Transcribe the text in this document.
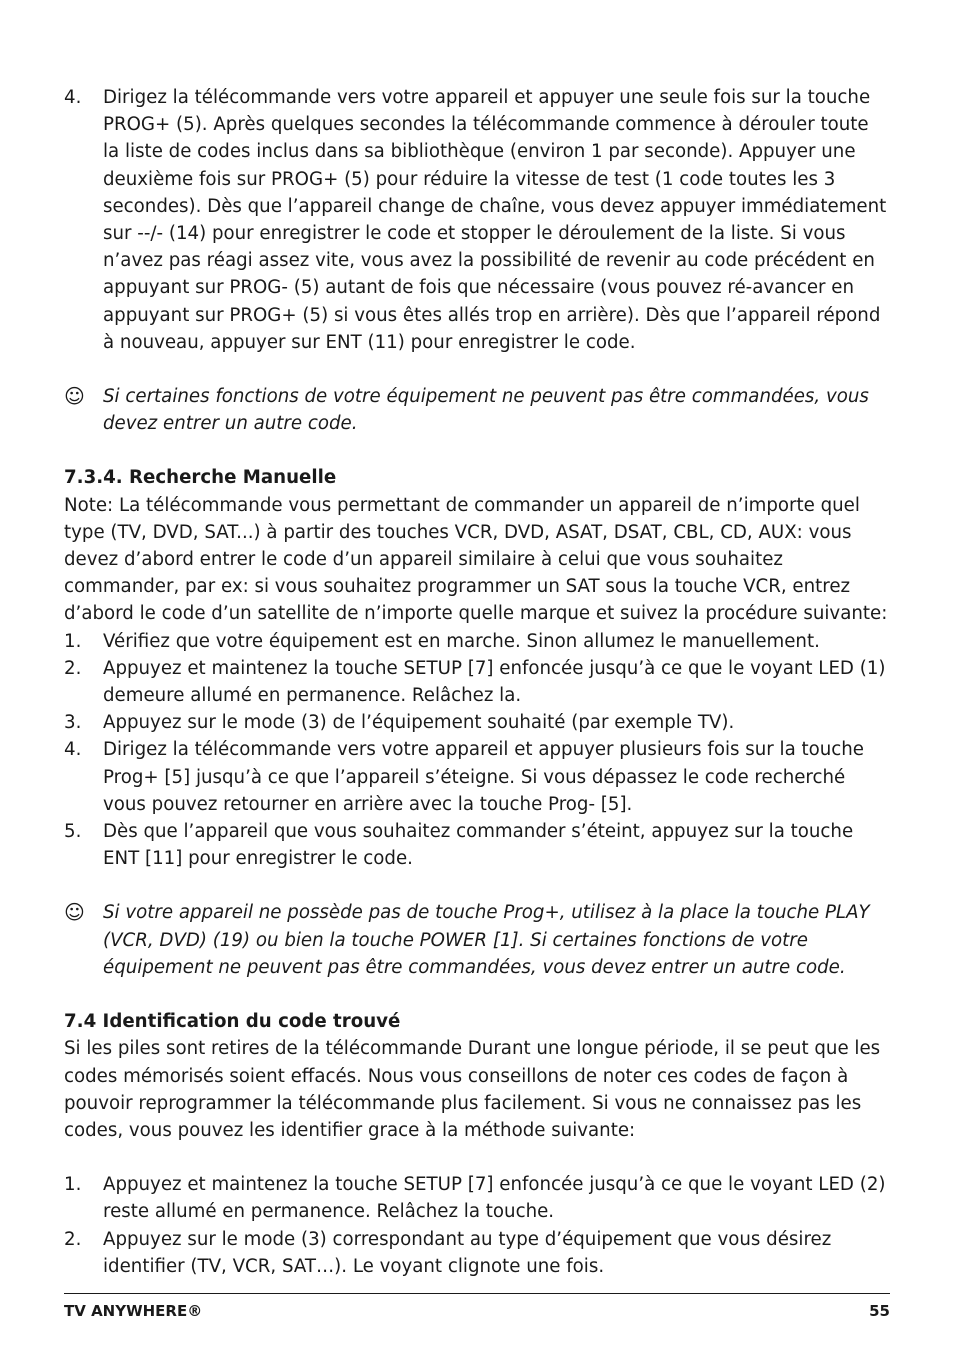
4.	Dirigez la télécommande vers votre appareil et appuyer une seule fois sur la touche PROG+ (5). Après quelques secondes la télécommande commence à dérouler toute la liste de codes inclus dans sa bibliothèque (environ 1 par seconde). Appuyer une deuxième fois sur PROG+ (5) pour réduire la vitesse de test (1 code toutes les 3 secondes). Dès que l’appareil change de chaîne, vous devez appuyer immédiatement sur --/- (14) pour enregistrer le code et stopper le déroulement de la liste. Si vous n’avez pas réagi assez vite, vous avez la possibilité de revenir au code précédent en appuyant sur PROG- (5) autant de fois que nécessaire (vous pouvez ré-avancer en appuyant sur PROG+ (5) si vous êtes allés trop en arrière). Dès que l’appareil répond à nouveau, appuyer sur ENT (11) pour enregistrer le code.
☺ Si certaines fonctions de votre équipement ne peuvent pas être commandées, vous devez entrer un autre code.
7.3.4. Recherche Manuelle

Note: La télécommande vous permettant de commander un appareil de n’importe quel type (TV, DVD, SAT...) à partir des touches VCR, DVD, ASAT, DSAT, CBL, CD, AUX: vous devez d’abord entrer le code d’un appareil similaire à celui que vous souhaitez commander, par ex: si vous souhaitez programmer un SAT sous la touche VCR, entrez d’abord le code d’un satellite de n’importe quelle marque et suivez la procédure suivante:

1.	Vérifiez que votre équipement est en marche. Sinon allumez le manuellement.
2.	Appuyez et maintenez la touche SETUP [7] enfoncée jusqu’à ce que le voyant LED (1) demeure allumé en permanence. Relâchez la.
3.	Appuyez sur le mode (3) de l’équipement souhaité (par exemple TV).
4.	Dirigez la télécommande vers votre appareil et appuyer plusieurs fois sur la touche Prog+ [5] jusqu’à ce que l’appareil s’éteigne. Si vous dépassez le code recherché vous pouvez retourner en arrière avec la touche Prog- [5].
5.	Dès que l’appareil que vous souhaitez commander s’éteint, appuyez sur la touche ENT [11] pour enregistrer le code.
☺ Si votre appareil ne possède pas de touche Prog+, utilisez à la place la touche PLAY (VCR, DVD) (19) ou bien la touche POWER [1]. Si certaines fonctions de votre équipement ne peuvent pas être commandées, vous devez entrer un autre code.
7.4 Identification du code trouvé

Si les piles sont retires de la télécommande Durant une longue période, il se peut que les codes mémorisés soient effacés. Nous vous conseillons de noter ces codes de façon à pouvoir reprogrammer la télécommande plus facilement. Si vous ne connaissez pas les codes, vous pouvez les identifier grace à la méthode suivante:

1.	Appuyez et maintenez la touche SETUP [7] enfoncée jusqu’à ce que le voyant LED (2) reste allumé en permanence. Relâchez la touche.
2.	Appuyez sur le mode (3) correspondant au type d’équipement que vous désirez identifier (TV, VCR, SAT…). Le voyant clignote une fois.
TV ANYWHERE®	55
